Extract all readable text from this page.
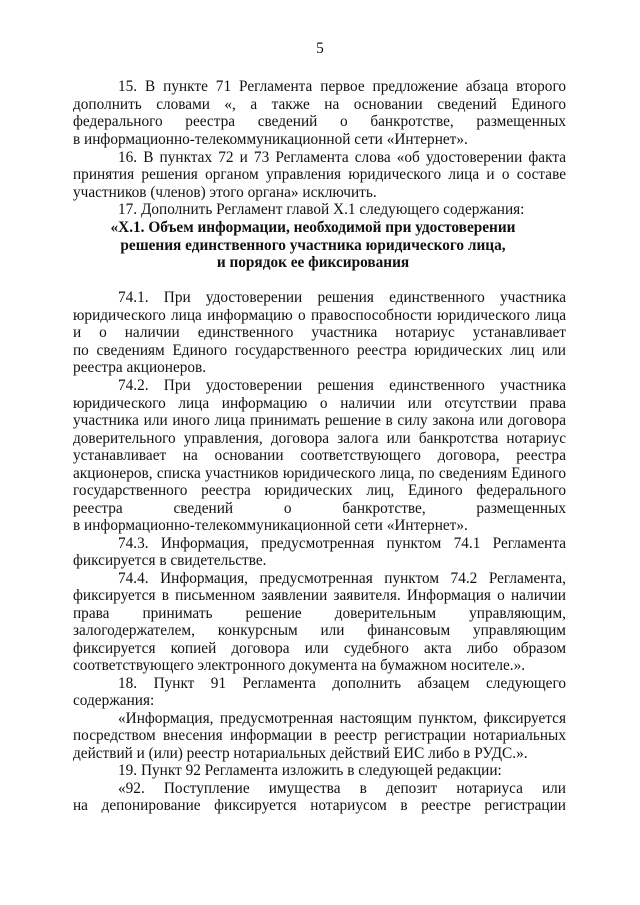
5
15. В пункте 71 Регламента первое предложение абзаца второго
дополнить словами «, а также на основании сведений Единого
федерального реестра сведений о банкротстве, размещенных
в информационно-телекоммуникационной сети «Интернет».
16. В пунктах 72 и 73 Регламента слова «об удостоверении факта
принятия решения органом управления юридического лица и о составе
участников (членов) этого органа» исключить.
17. Дополнить Регламент главой Х.1 следующего содержания:
«Х.1. Объем информации, необходимой при удостоверении
решения единственного участника юридического лица,
и порядок ее фиксирования
74.1. При удостоверении решения единственного участника
юридического лица информацию о правоспособности юридического лица
и о наличии единственного участника нотариус устанавливает
по сведениям Единого государственного реестра юридических лиц или
реестра акционеров.
74.2. При удостоверении решения единственного участника
юридического лица информацию о наличии или отсутствии права
участника или иного лица принимать решение в силу закона или договора
доверительного управления, договора залога или банкротства нотариус
устанавливает на основании соответствующего договора, реестра
акционеров, списка участников юридического лица, по сведениям Единого
государственного реестра юридических лиц, Единого федерального
реестра сведений о банкротстве, размещенных
в информационно-телекоммуникационной сети «Интернет».
74.3. Информация, предусмотренная пунктом 74.1 Регламента
фиксируется в свидетельстве.
74.4. Информация, предусмотренная пунктом 74.2 Регламента,
фиксируется в письменном заявлении заявителя. Информация о наличии
права принимать решение доверительным управляющим,
залогодержателем, конкурсным или финансовым управляющим
фиксируется копией договора или судебного акта либо образом
соответствующего электронного документа на бумажном носителе.».
18. Пункт 91 Регламента дополнить абзацем следующего
содержания:
«Информация, предусмотренная настоящим пунктом, фиксируется
посредством внесения информации в реестр регистрации нотариальных
действий и (или) реестр нотариальных действий ЕИС либо в РУДС.».
19. Пункт 92 Регламента изложить в следующей редакции:
«92. Поступление имущества в депозит нотариуса или
на депонирование фиксируется нотариусом в реестре регистрации
